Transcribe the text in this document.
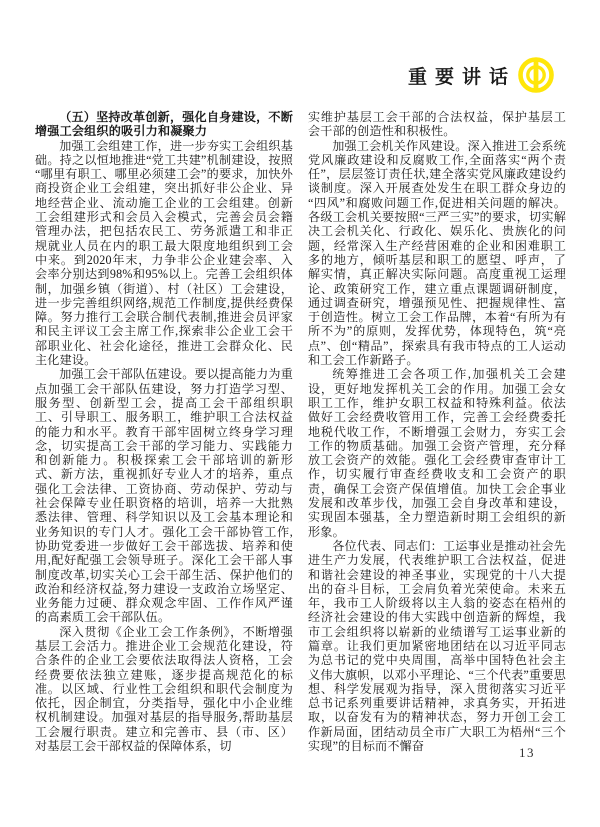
重要讲话

（五）坚持改革创新，强化自身建设，不断增强工会组织的吸引力和凝聚力

加强工会组建工作，进一步夯实工会组织基础。持之以恒地推进“党工共建”机制建设，按照“哪里有职工、哪里必须建工会”的要求，加快外商投资企业工会组建，突出抓好非公企业、异地经营企业、流动施工企业的工会组建。创新工会组建形式和会员入会模式，完善会员会籍管理办法，把包括农民工、劳务派遣工和非正规就业人员在内的职工最大限度地组织到工会中来。到2020年末，力争非公企业建会率、入会率分别达到98%和95%以上。完善工会组织体制，加强乡镇（街道）、村（社区）工会建设，进一步完善组织网络,规范工作制度,提供经费保障。努力推行工会联合制代表制,推进会员评家和民主评议工会主席工作,探索非公企业工会干部职业化、社会化途径，推进工会群众化、民主化建设。

加强工会干部队伍建设。要以提高能力为重点加强工会干部队伍建设，努力打造学习型、服务型、创新型工会，提高工会干部组织职工、引导职工、服务职工，维护职工合法权益的能力和水平。教育干部牢固树立终身学习理念，切实提高工会干部的学习能力、实践能力和创新能力。积极探索工会干部培训的新形式、新方法，重视抓好专业人才的培养，重点强化工会法律、工资协商、劳动保护、劳动与社会保障专业任职资格的培训，培养一大批熟悉法律、管理、科学知识以及工会基本理论和业务知识的专门人才。强化工会干部协管工作,协助党委进一步做好工会干部选拔、培养和使用,配好配强工会领导班子。深化工会干部人事制度改革,切实关心工会干部生活、保护他们的政治和经济权益,努力建设一支政治立场坚定、业务能力过硬、群众观念牢固、工作作风严谨的高素质工会干部队伍。

深入贯彻《企业工会工作条例》，不断增强基层工会活力。推进企业工会规范化建设，符合条件的企业工会要依法取得法人资格，工会经费要依法独立建账，逐步提高规范化的标准。以区域、行业性工会组织和职代会制度为依托，因企制宜，分类指导，强化中小企业维权机制建设。加强对基层的指导服务,帮助基层工会履行职责。建立和完善市、县（市、区）对基层工会干部权益的保障体系，切

实维护基层工会干部的合法权益，保护基层工会干部的创造性和积极性。

加强工会机关作风建设。深入推进工会系统党风廉政建设和反腐败工作,全面落实“两个责任”，层层签订责任状,建全落实党风廉政建设约谈制度。深入开展查处发生在职工群众身边的“四风”和腐败问题工作,促进相关问题的解决。各级工会机关要按照“三严三实”的要求，切实解决工会机关化、行政化、娱乐化、贵族化的问题，经常深入生产经营困难的企业和困难职工多的地方，倾听基层和职工的愿望、呼声，了解实情，真正解决实际问题。高度重视工运理论、政策研究工作，建立重点课题调研制度，通过调查研究，增强预见性、把握规律性、富于创造性。树立工会工作品牌，本着“有所为有所不为”的原则，发挥优势，体现特色，筑“亮点”、创“精品”，探索具有我市特点的工人运动和工会工作新路子。

统筹推进工会各项工作,加强机关工会建设，更好地发挥机关工会的作用。加强工会女职工工作，维护女职工权益和特殊利益。依法做好工会经费收管用工作，完善工会经费委托地税代收工作，不断增强工会财力，夯实工会工作的物质基础。加强工会资产管理，充分释放工会资产的效能。强化工会经费审查审计工作，切实履行审查经费收支和工会资产的职责，确保工会资产保值增值。加快工会企事业发展和改革步伐，加强工会自身改革和建设，实现固本强基，全力塑造新时期工会组织的新形象。

各位代表、同志们：工运事业是推动社会先进生产力发展，代表维护职工合法权益，促进和谐社会建设的神圣事业，实现党的十八大提出的奋斗目标，工会肩负着光荣使命。未来五年，我市工人阶级将以主人翁的姿态在梧州的经济社会建设的伟大实践中创造新的辉煌，我市工会组织将以崭新的业绩谱写工运事业新的篇章。让我们更加紧密地团结在以习近平同志为总书记的党中央周围，高举中国特色社会主义伟大旗帜，以邓小平理论、“三个代表”重要思想、科学发展观为指导，深入贯彻落实习近平总书记系列重要讲话精神，求真务实，开拓进取，以奋发有为的精神状态，努力开创工会工作新局面，团结动员全市广大职工为梧州“三个实现”的目标而不懈奋	13
